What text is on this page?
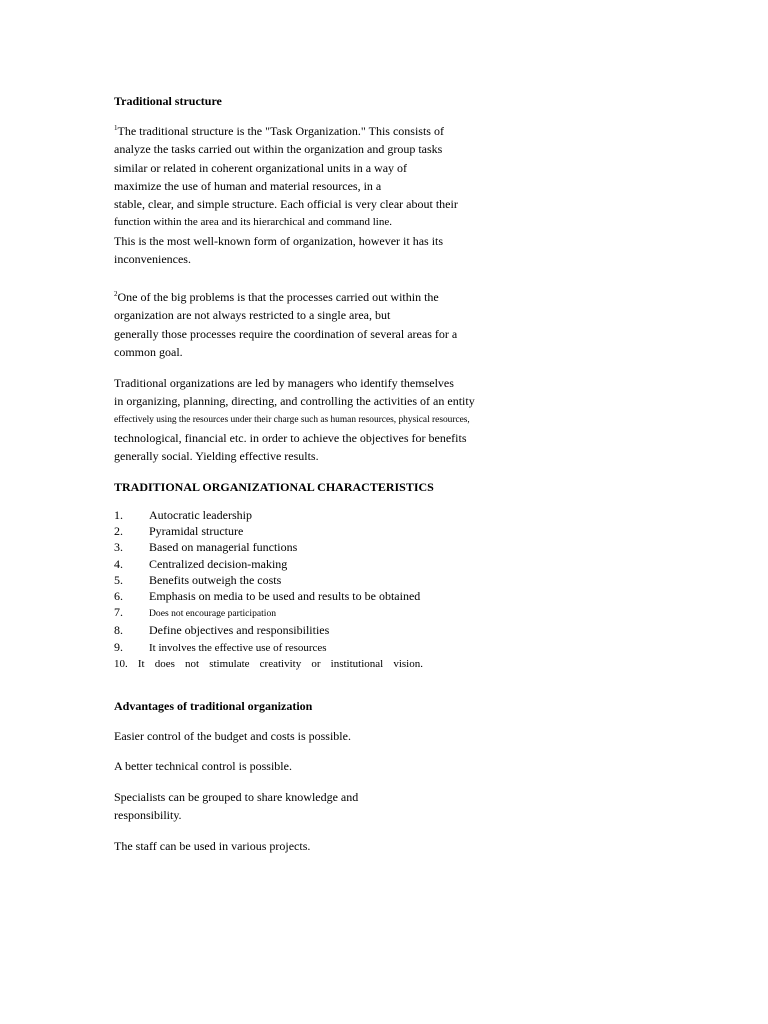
Traditional structure
$^1$The traditional structure is the "Task Organization." This consists of
analyze the tasks carried out within the organization and group tasks
similar or related in coherent organizational units in a way of
maximize the use of human and material resources, in a
stable, clear, and simple structure. Each official is very clear about their
function within the area and its hierarchical and command line.
This is the most well-known form of organization, however it has its
inconveniences.
$^2$One of the big problems is that the processes carried out within the
organization are not always restricted to a single area, but
generally those processes require the coordination of several areas for a
common goal.
Traditional organizations are led by managers who identify themselves
in organizing, planning, directing, and controlling the activities of an entity
effectively using the resources under their charge such as human resources, physical resources,
technological, financial etc. in order to achieve the objectives for benefits
generally social. Yielding effective results.
TRADITIONAL ORGANIZATIONAL CHARACTERISTICS
1. Autocratic leadership
2. Pyramidal structure
3. Based on managerial functions
4. Centralized decision-making
5. Benefits outweigh the costs
6. Emphasis on media to be used and results to be obtained
7.	Does not encourage participation
8. Define objectives and responsibilities
9. It involves the effective use of resources
10. It does not stimulate creativity or institutional vision.
Advantages of traditional organization
Easier control of the budget and costs is possible.
A better technical control is possible.
Specialists can be grouped to share knowledge and
responsibility.
The staff can be used in various projects.
